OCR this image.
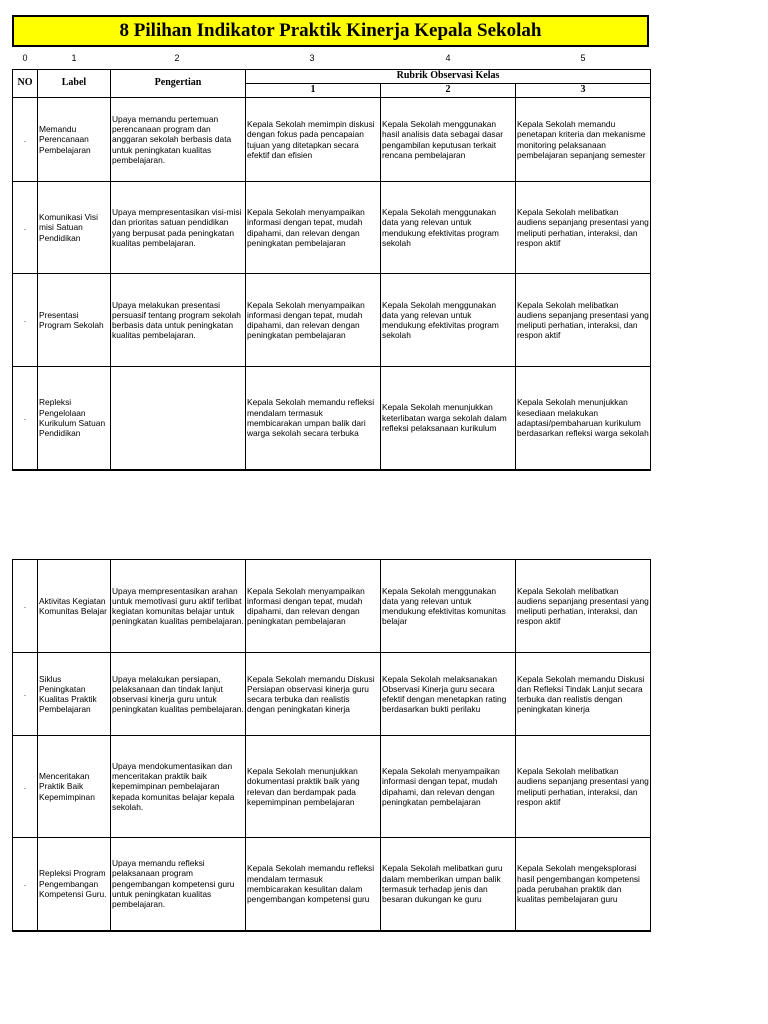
8 Pilihan Indikator Praktik Kinerja Kepala Sekolah
0	1	2	3	4	5
NO	Label	Pengertian	Rubrik Observasi Kelas		
			1	2	3
.	Memandu Perencanaan Pembelajaran	Upaya memandu pertemuan perencanaan program dan anggaran sekolah berbasis data untuk peningkatan kualitas pembelajaran.	Kepala Sekolah memimpin diskusi dengan fokus pada pencapaian tujuan yang ditetapkan secara efektif dan efisien	Kepala Sekolah menggunakan hasil analisis data sebagai dasar pengambilan keputusan terkait rencana pembelajaran	Kepala Sekolah memandu penetapan kriteria dan mekanisme monitoring pelaksanaan pembelajaran sepanjang semester
.	Komunikasi Visi misi Satuan Pendidikan	Upaya mempresentasikan visi-misi dan prioritas satuan pendidikan yang berpusat pada peningkatan kualitas pembelajaran.	Kepala Sekolah menyampaikan informasi dengan tepat, mudah dipahami, dan relevan dengan peningkatan pembelajaran	Kepala Sekolah menggunakan data yang relevan untuk mendukung efektivitas program sekolah	Kepala Sekolah melibatkan audiens sepanjang presentasi yang meliputi perhatian, interaksi, dan respon aktif
.	Presentasi Program Sekolah	Upaya melakukan presentasi persuasif tentang program sekolah berbasis data untuk peningkatan kualitas pembelajaran.	Kepala Sekolah menyampaikan informasi dengan tepat, mudah dipahami, dan relevan dengan peningkatan pembelajaran	Kepala Sekolah menggunakan data yang relevan untuk mendukung efektivitas program sekolah	Kepala Sekolah melibatkan audiens sepanjang presentasi yang meliputi perhatian, interaksi, dan respon aktif
.	Repleksi Pengelolaan Kurikulum Satuan Pendidikan		Kepala Sekolah memandu refleksi mendalam termasuk membicarakan umpan balik dari warga sekolah secara terbuka	Kepala Sekolah menunjukkan keterlibatan warga sekolah dalam refleksi pelaksanaan kurikulum	Kepala Sekolah menunjukkan kesediaan melakukan adaptasi/pembaharuan kurikulum berdasarkan refleksi warga sekolah
.	Aktivitas Kegiatan Komunitas Belajar	Upaya mempresentasikan arahan untuk memotivasi guru aktif terlibat kegiatan komunitas belajar untuk peningkatan kualitas pembelajaran.	Kepala Sekolah menyampaikan informasi dengan tepat, mudah dipahami, dan relevan dengan peningkatan pembelajaran	Kepala Sekolah menggunakan data yang relevan untuk mendukung efektivitas komunitas belajar	Kepala Sekolah melibatkan audiens sepanjang presentasi yang meliputi perhatian, interaksi, dan respon aktif
.	Siklus Peningkatan Kualitas Praktik Pembelajaran	Upaya melakukan persiapan, pelaksanaan dan tindak lanjut observasi kinerja guru untuk peningkatan kualitas pembelajaran.	Kepala Sekolah memandu Diskusi Persiapan observasi kinerja guru secara terbuka dan realistis dengan peningkatan kinerja	Kepala Sekolah melaksanakan Observasi Kinerja guru secara efektif dengan menetapkan rating berdasarkan bukti perilaku	Kepala Sekolah memandu Diskusi dan Refleksi Tindak Lanjut secara terbuka dan realistis dengan peningkatan kinerja
.	Menceritakan Praktik Baik Kepemimpinan	Upaya mendokumentasikan dan menceritakan praktik baik kepemimpinan pembelajaran kepada komunitas belajar kepala sekolah.	Kepala Sekolah menunjukkan dokumentasi praktik baik yang relevan dan berdampak pada kepemimpinan pembelajaran	Kepala Sekolah menyampaikan informasi dengan tepat, mudah dipahami, dan relevan dengan peningkatan pembelajaran	Kepala Sekolah melibatkan audiens sepanjang presentasi yang meliputi perhatian, interaksi, dan respon aktif
.	Repleksi Program Pengembangan Kompetensi Guru.	Upaya memandu refleksi pelaksanaan program pengembangan kompetensi guru untuk peningkatan kualitas pembelajaran.	Kepala Sekolah memandu refleksi mendalam termasuk membicarakan kesulitan dalam pengembangan kompetensi guru	Kepala Sekolah melibatkan guru dalam memberikan umpan balik termasuk terhadap jenis dan besaran dukungan ke guru	Kepala Sekolah mengeksplorasi hasil pengembangan kompetensi pada perubahan praktik dan kualitas pembelajaran guru
